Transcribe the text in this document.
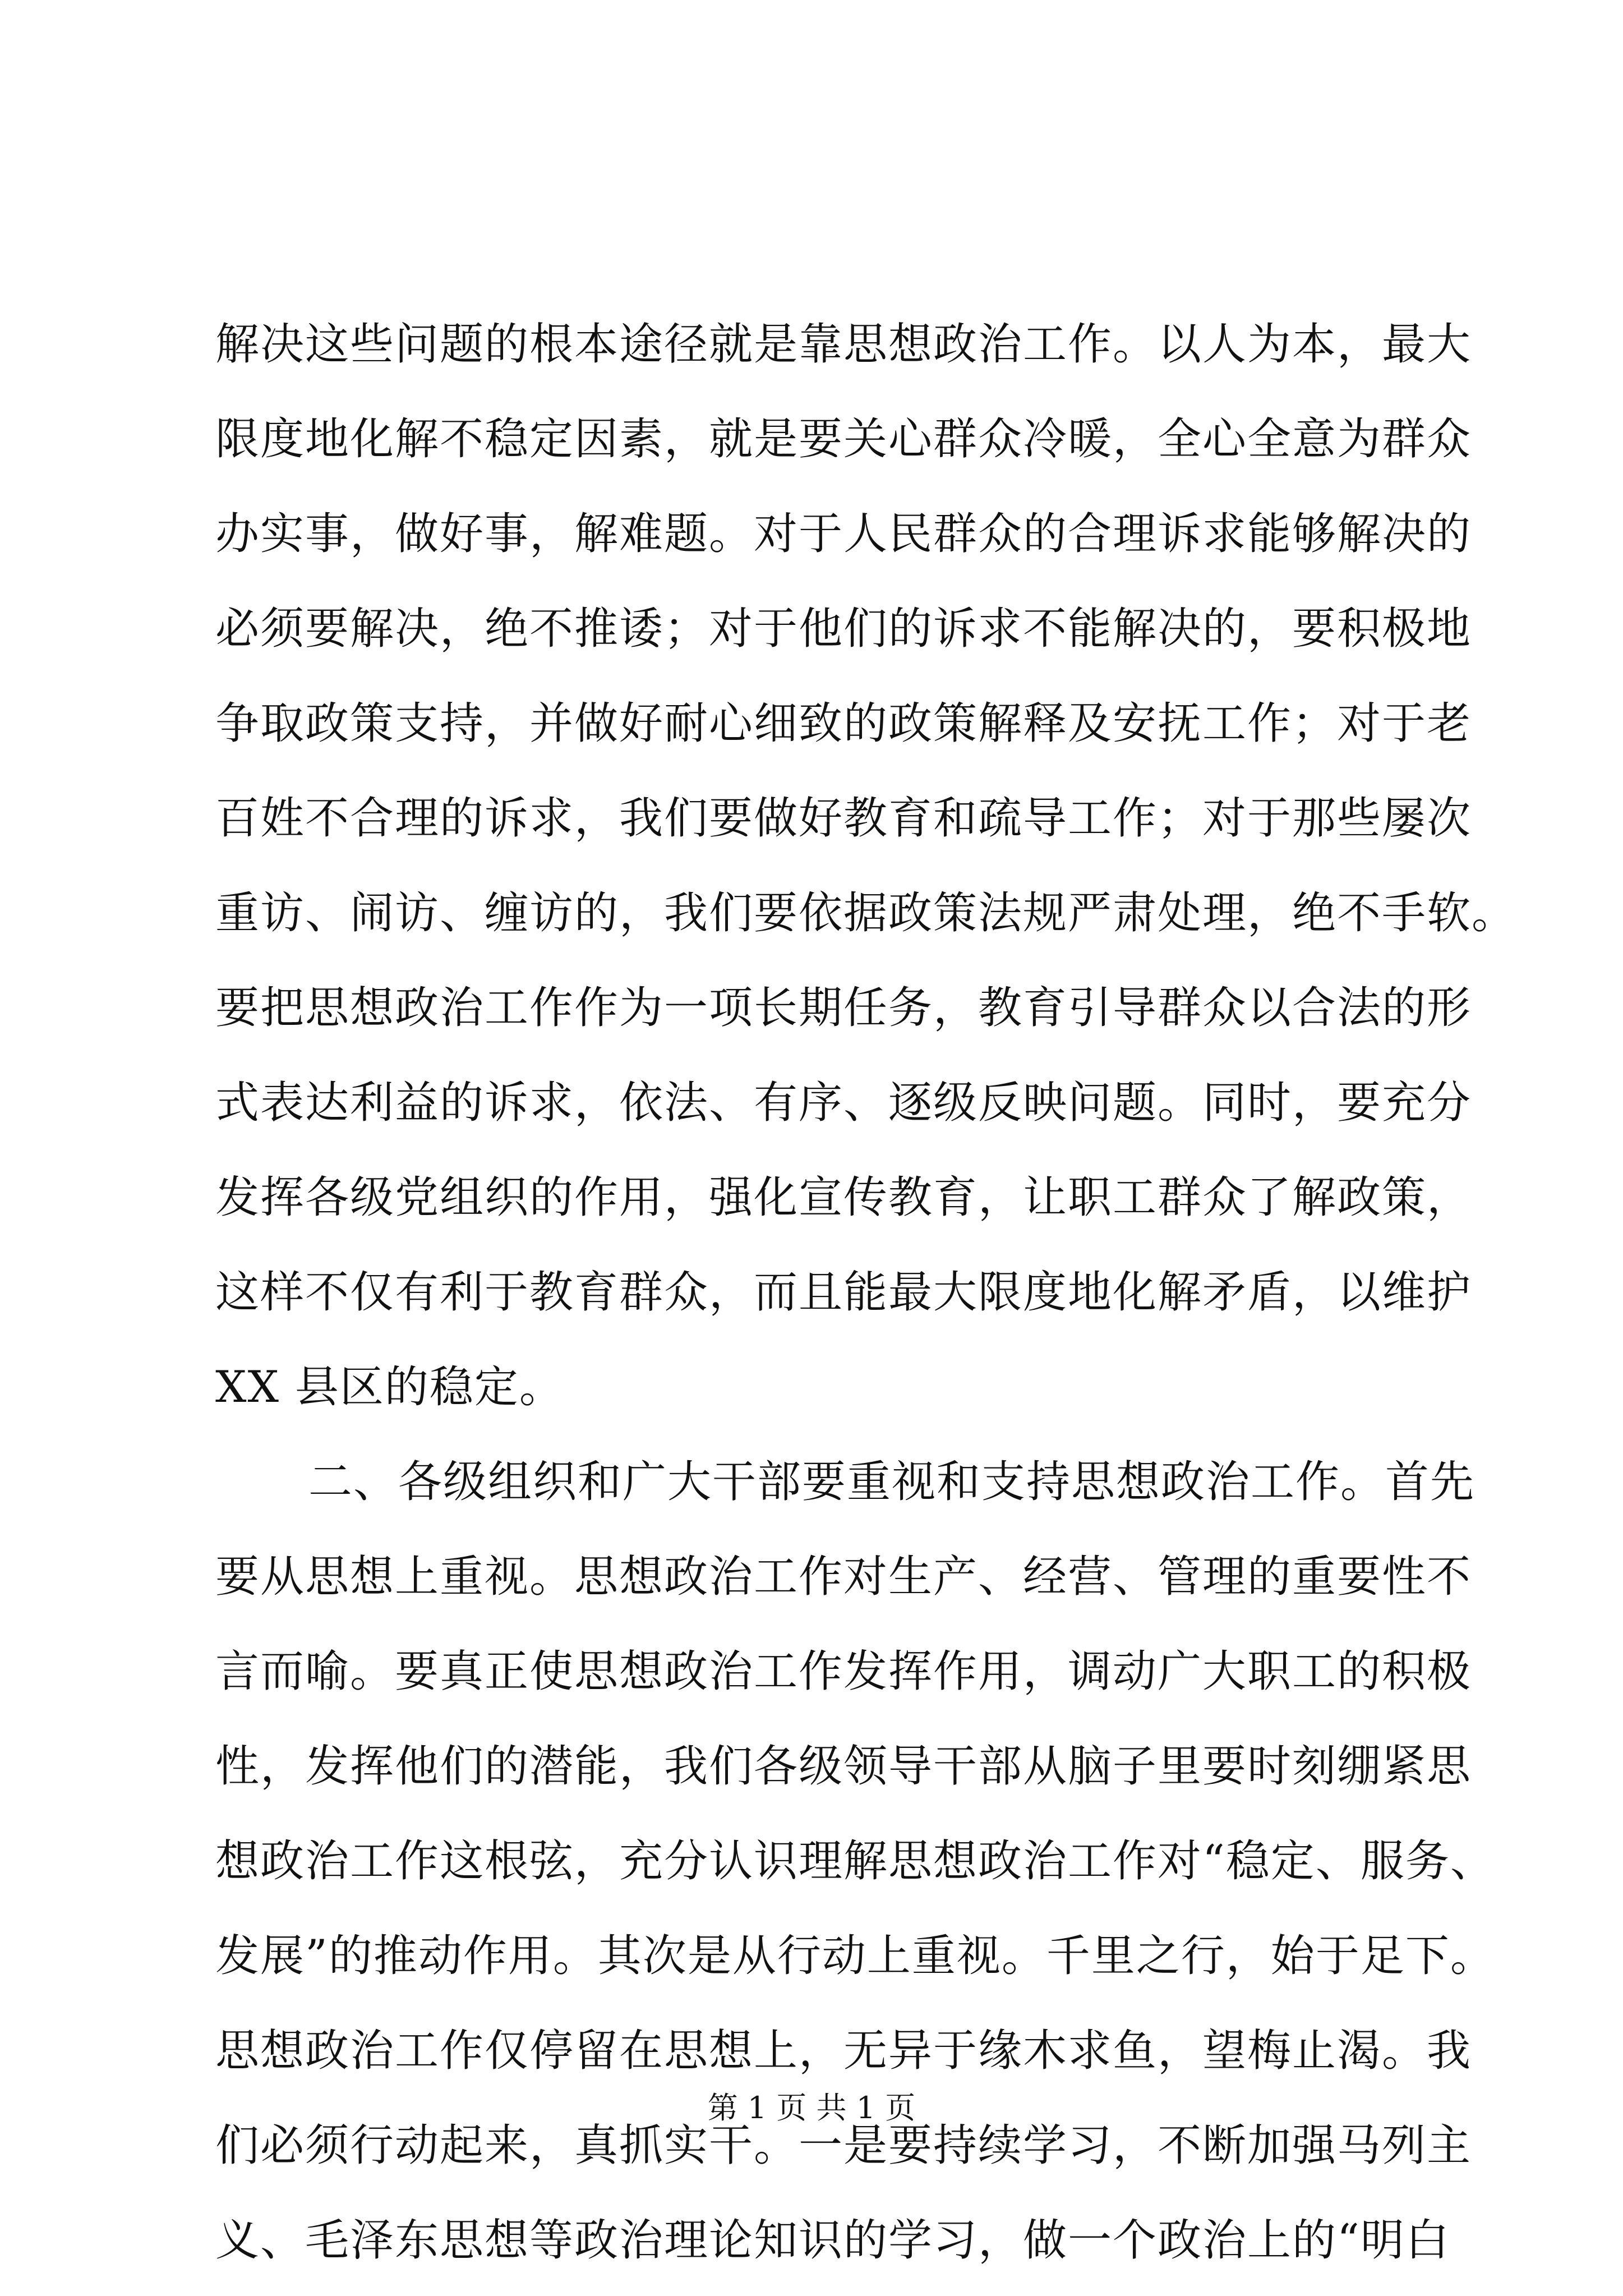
解决这些问题的根本途径就是靠思想政治工作。以人为本，最大
限度地化解不稳定因素，就是要关心群众冷暖，全心全意为群众
办实事，做好事，解难题。对于人民群众的合理诉求能够解决的
必须要解决，绝不推诿；对于他们的诉求不能解决的，要积极地
争取政策支持，并做好耐心细致的政策解释及安抚工作；对于老
百姓不合理的诉求，我们要做好教育和疏导工作；对于那些屡次
重访、闹访、缠访的，我们要依据政策法规严肃处理，绝不手软。
要把思想政治工作作为一项长期任务，教育引导群众以合法的形
式表达利益的诉求，依法、有序、逐级反映问题。同时，要充分
发挥各级党组织的作用，强化宣传教育，让职工群众了解政策，
这样不仅有利于教育群众，而且能最大限度地化解矛盾，以维护
XX 县区的稳定。
二、各级组织和广大干部要重视和支持思想政治工作。首先
要从思想上重视。思想政治工作对生产、经营、管理的重要性不
言而喻。要真正使思想政治工作发挥作用，调动广大职工的积极
性，发挥他们的潜能，我们各级领导干部从脑子里要时刻绷紧思
想政治工作这根弦，充分认识理解思想政治工作对“稳定、服务、
发展”的推动作用。其次是从行动上重视。千里之行，始于足下。
思想政治工作仅停留在思想上，无异于缘木求鱼，望梅止渴。我
们必须行动起来，真抓实干。一是要持续学习，不断加强马列主
义、毛泽东思想等政治理论知识的学习，做一个政治上的“明白
第 1 页 共 1 页
